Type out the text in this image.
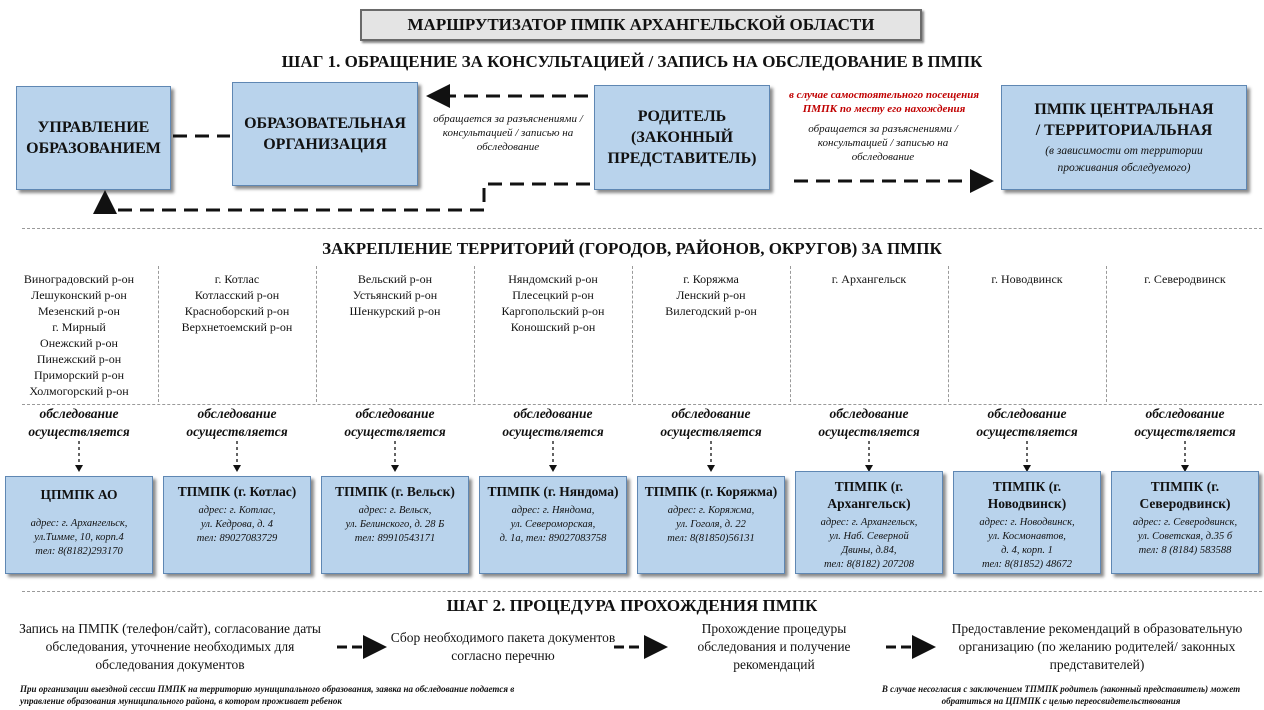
МАРШРУТИЗАТОР ПМПК АРХАНГЕЛЬСКОЙ ОБЛАСТИ
ШАГ 1. ОБРАЩЕНИЕ ЗА КОНСУЛЬТАЦИЕЙ / ЗАПИСЬ НА ОБСЛЕДОВАНИЕ В ПМПК
УПРАВЛЕНИЕ ОБРАЗОВАНИЕМ
ОБРАЗОВАТЕЛЬНАЯ ОРГАНИЗАЦИЯ
РОДИТЕЛЬ (ЗАКОННЫЙ ПРЕДСТАВИТЕЛЬ)
ПМПК ЦЕНТРАЛЬНАЯ / ТЕРРИТОРИАЛЬНАЯ
(в зависимости от территории проживания обследуемого)
обращается за разъяснениями / консультацией / записью на обследование
в случае самостоятельного посещения ПМПК по месту его нахождения
обращается за разъяснениями / консультацией / записью на обследование
ЗАКРЕПЛЕНИЕ ТЕРРИТОРИЙ (ГОРОДОВ, РАЙОНОВ, ОКРУГОВ) ЗА ПМПК
Виноградовский р-он
Лешуконский р-он
Мезенский р-он
г. Мирный
Онежский р-он
Пинежский р-он
Приморский р-он
Холмогорский р-он
обследование осуществляется
ЦПМПК АО
адрес: г. Архангельск,
ул.Тимме, 10, корп.4
тел: 8(8182)293170
г. Котлас
Котласский р-он
Красноборский р-он
Верхнетоемский р-он
обследование осуществляется
ТПМПК (г. Котлас)
адрес: г. Котлас,
ул. Кедрова, д. 4
тел: 89027083729
Вельский р-он
Устьянский р-он
Шенкурский р-он
обследование осуществляется
ТПМПК (г. Вельск)
адрес: г. Вельск,
ул. Белинского, д. 28 Б
тел: 89910543171
Няндомский р-он
Плесецкий р-он
Каргопольский р-он
Коношский р-он
обследование осуществляется
ТПМПК (г. Няндома)
адрес: г. Няндома,
ул. Североморская,
д. 1а, тел: 89027083758
г. Коряжма
Ленский р-он
Вилегодский р-он
обследование осуществляется
ТПМПК (г. Коряжма)
адрес: г. Коряжма,
ул. Гоголя, д. 22
тел: 8(81850)56131
г. Архангельск
обследование осуществляется
ТПМПК (г. Архангельск)
адрес: г. Архангельск,
ул. Наб. Северной
Двины, д.84,
тел: 8(8182) 207208
г. Новодвинск
обследование осуществляется
ТПМПК (г. Новодвинск)
адрес: г. Новодвинск,
ул. Космонавтов,
д. 4, корп. 1
тел: 8(81852) 48672
г. Северодвинск
обследование осуществляется
ТПМПК (г. Северодвинск)
адрес: г. Северодвинск,
ул. Советская, д.35 б
тел: 8 (8184) 583588
ШАГ 2. ПРОЦЕДУРА ПРОХОЖДЕНИЯ ПМПК
Запись на ПМПК (телефон/сайт), согласование даты обследования, уточнение необходимых для обследования документов
Сбор необходимого пакета документов согласно перечню
Прохождение процедуры обследования и получение рекомендаций
Предоставление рекомендаций в образовательную организацию (по желанию родителей/ законных представителей)
При организации выездной сессии ПМПК на территорию муниципального образования, заявка на обследование подается в управление образования муниципального района, в котором проживает ребенок
В случае несогласия с заключением ТПМПК родитель (законный представитель) может обратиться на ЦПМПК с целью переосвидетельствования
